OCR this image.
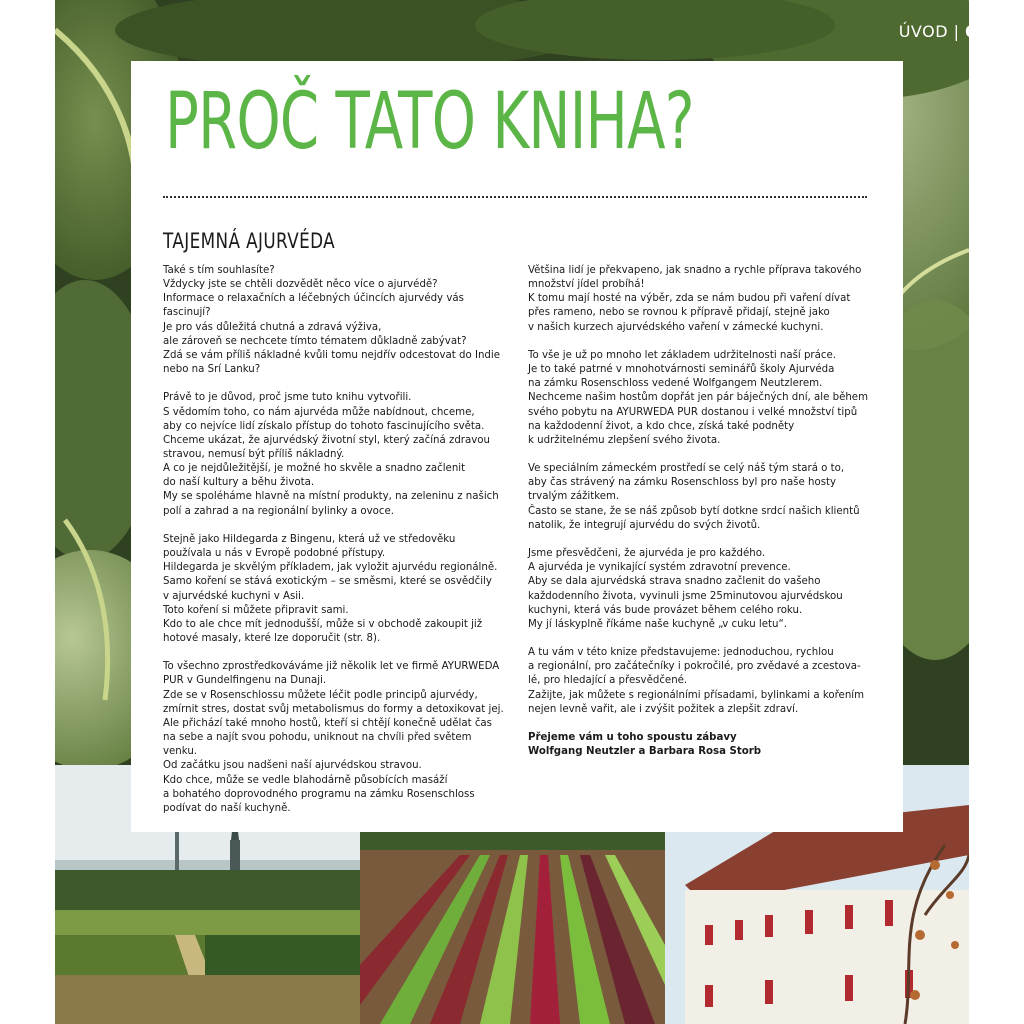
ÚVOD | 005
PROČ TATO KNIHA?
TAJEMNÁ AJURVÉDA

Také s tím souhlasíte?
Vždycky jste se chtěli dozvědět něco více o ajurvédě?
Informace o relaxačních a léčebných účincích ajurvédy vás
fascinují?
Je pro vás důležitá chutná a zdravá výživa,
ale zároveň se nechcete tímto tématem důkladně zabývat?
Zdá se vám příliš nákladné kvůli tomu nejdřív odcestovat do Indie
nebo na Srí Lanku?

Právě to je důvod, proč jsme tuto knihu vytvořili.
S vědomím toho, co nám ajurvéda může nabídnout, chceme,
aby co nejvíce lidí získalo přístup do tohoto fascinujícího světa.
Chceme ukázat, že ajurvédský životní styl, který začíná zdravou
stravou, nemusí být příliš nákladný.
A co je nejdůležitější, je možné ho skvěle a snadno začlenit
do naší kultury a běhu života.
My se spoléháme hlavně na místní produkty, na zeleninu z našich
polí a zahrad a na regionální bylinky a ovoce.

Stejně jako Hildegarda z Bingenu, která už ve středověku
používala u nás v Evropě podobné přístupy.
Hildegarda je skvělým příkladem, jak vyložit ajurvédu regionálně.
Samo koření se stává exotickým – se směsmi, které se osvědčily
v ajurvédské kuchyni v Asii.
Toto koření si můžete připravit sami.
Kdo to ale chce mít jednodušší, může si v obchodě zakoupit již
hotové masaly, které lze doporučit (str. 8).

To všechno zprostředkováváme již několik let ve firmě AYURWEDA
PUR v Gundelfingenu na Dunaji.
Zde se v Rosenschlossu můžete léčit podle principů ajurvédy,
zmírnit stres, dostat svůj metabolismus do formy a detoxikovat jej.
Ale přichází také mnoho hostů, kteří si chtějí konečně udělat čas
na sebe a najít svou pohodu, uniknout na chvíli před světem venku.
Od začátku jsou nadšeni naší ajurvédskou stravou.
Kdo chce, může se vedle blahodárně působících masáží
a bohatého doprovodného programu na zámku Rosenschloss
podívat do naší kuchyně.

Většina lidí je překvapeno, jak snadno a rychle příprava takového
množství jídel probíhá!
K tomu mají hosté na výběr, zda se nám budou při vaření dívat
přes rameno, nebo se rovnou k přípravě přidají, stejně jako
v našich kurzech ajurvédského vaření v zámecké kuchyni.

To vše je už po mnoho let základem udržitelnosti naší práce.
Je to také patrné v mnohotvárnosti seminářů školy Ajurvéda
na zámku Rosenschloss vedené Wolfgangem Neutzlerem.
Nechceme našim hostům dopřát jen pár báječných dní, ale během
svého pobytu na AYURWEDA PUR dostanou i velké množství tipů
na každodenní život, a kdo chce, získá také podněty
k udržitelnému zlepšení svého života.

Ve speciálním zámeckém prostředí se celý náš tým stará o to,
aby čas strávený na zámku Rosenschloss byl pro naše hosty
trvalým zážitkem.
Často se stane, že se náš způsob bytí dotkne srdcí našich klientů
natolik, že integrují ajurvédu do svých životů.

Jsme přesvědčeni, že ajurvéda je pro každého.
A ajurvéda je vynikající systém zdravotní prevence.
Aby se dala ajurvédská strava snadno začlenit do vašeho
každodenního života, vyvinuli jsme 25minutovou ajurvédskou
kuchyni, která vás bude provázet během celého roku.
My jí láskyplně říkáme naše kuchyně „v cuku letu“.

A tu vám v této knize představujeme: jednoduchou, rychlou
a regionální, pro začátečníky i pokročilé, pro zvědavé a zcestova-
lé, pro hledající a přesvědčené.
Zažijte, jak můžete s regionálními přísadami, bylinkami a kořením
nejen levně vařit, ale i zvýšit požitek a zlepšit zdraví.

Přejeme vám u toho spoustu zábavy
Wolfgang Neutzler a Barbara Rosa Storb
